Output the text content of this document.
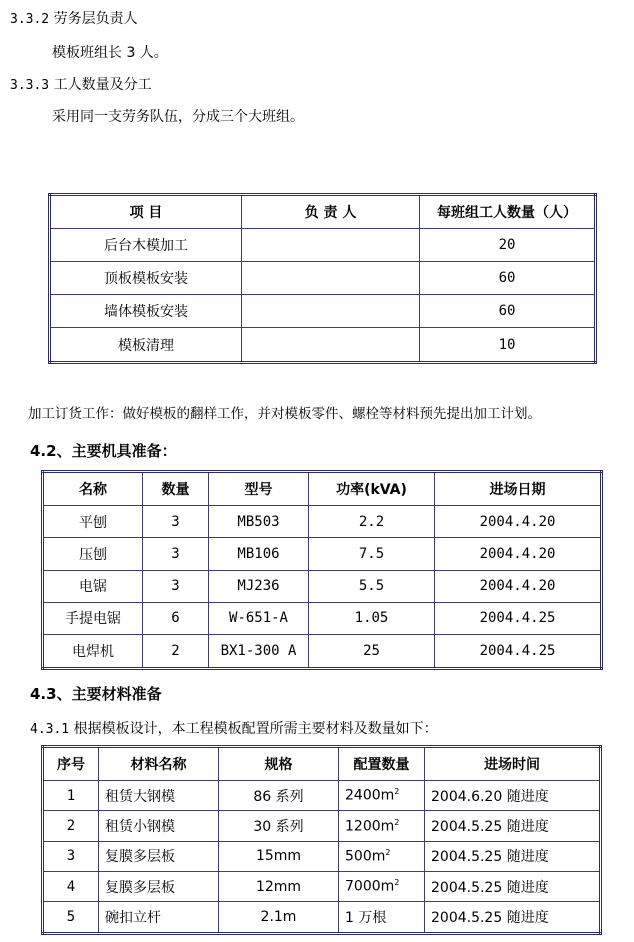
3.3.2 劳务层负责人
模板班组长 3 人。
3.3.3 工人数量及分工
采用同一支劳务队伍，分成三个大班组。
项 目	负 责 人	每班组工人数量（人）
后台木模加工		20
顶板模板安装		60
墙体模板安装		60
模板清理		10
加工订货工作：做好模板的翻样工作，并对模板零件、螺栓等材料预先提出加工计划。
4.2、主要机具准备：
名称	数量	型号	功率(kVA)	进场日期
平刨	3	MB503	2.2	2004.4.20
压刨	3	MB106	7.5	2004.4.20
电锯	3	MJ236	5.5	2004.4.20
手提电锯	6	W-651-A	1.05	2004.4.25
电焊机	2	BX1-300 A	25	2004.4.25
4.3、主要材料准备
4.3.1 根据模板设计，本工程模板配置所需主要材料及数量如下：
序号	材料名称	规格	配置数量	进场时间
1	租赁大钢模	86 系列	$2400m^2$	2004.6.20 随进度
2	租赁小钢模	30 系列	$1200m^2$	2004.5.25 随进度
3	复膜多层板	15mm	$500m^2$	2004.5.25 随进度
4	复膜多层板	12mm	$7000m^2$	2004.5.25 随进度
5	碗扣立杆	2.1m	1 万根	2004.5.25 随进度
